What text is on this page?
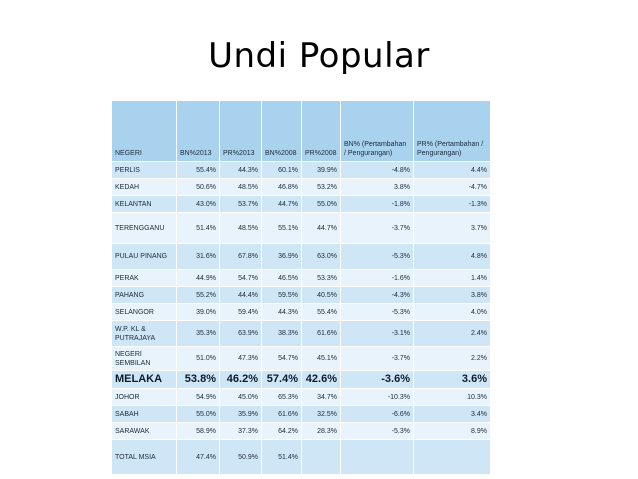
Undi Popular
NEGERI	BN%2013	PR%2013	BN%2008	PR%2008	BN% (Pertambahan / Pengurangan)	PR% (Pertambahan / Pengurangan)
PERLIS	55.4%	44.3%	60.1%	39.9%	-4.8%	4.4%
KEDAH	50.6%	48.5%	46.8%	53.2%	3.8%	-4.7%
KELANTAN	43.0%	53.7%	44.7%	55.0%	-1.8%	-1.3%
TERENGGANU	51.4%	48.5%	55.1%	44.7%	-3.7%	3.7%
PULAU PINANG	31.6%	67.8%	36.9%	63.0%	-5.3%	4.8%
PERAK	44.9%	54.7%	46.5%	53.3%	-1.6%	1.4%
PAHANG	55.2%	44.4%	59.5%	40.5%	-4.3%	3.8%
SELANGOR	39.0%	59.4%	44.3%	55.4%	-5.3%	4.0%
W.P. KL & PUTRAJAYA	35.3%	63.9%	38.3%	61.6%	-3.1%	2.4%
NEGERI SEMBILAN	51.0%	47.3%	54.7%	45.1%	-3.7%	2.2%
MELAKA	53.8%	46.2%	57.4%	42.6%	-3.6%	3.6%
JOHOR	54.9%	45.0%	65.3%	34.7%	-10.3%	10.3%
SABAH	55.0%	35.9%	61.6%	32.5%	-6.6%	3.4%
SARAWAK	58.9%	37.3%	64.2%	28.3%	-5.3%	8.9%
TOTAL MSIA	47.4%	50.9%	51.4%			
